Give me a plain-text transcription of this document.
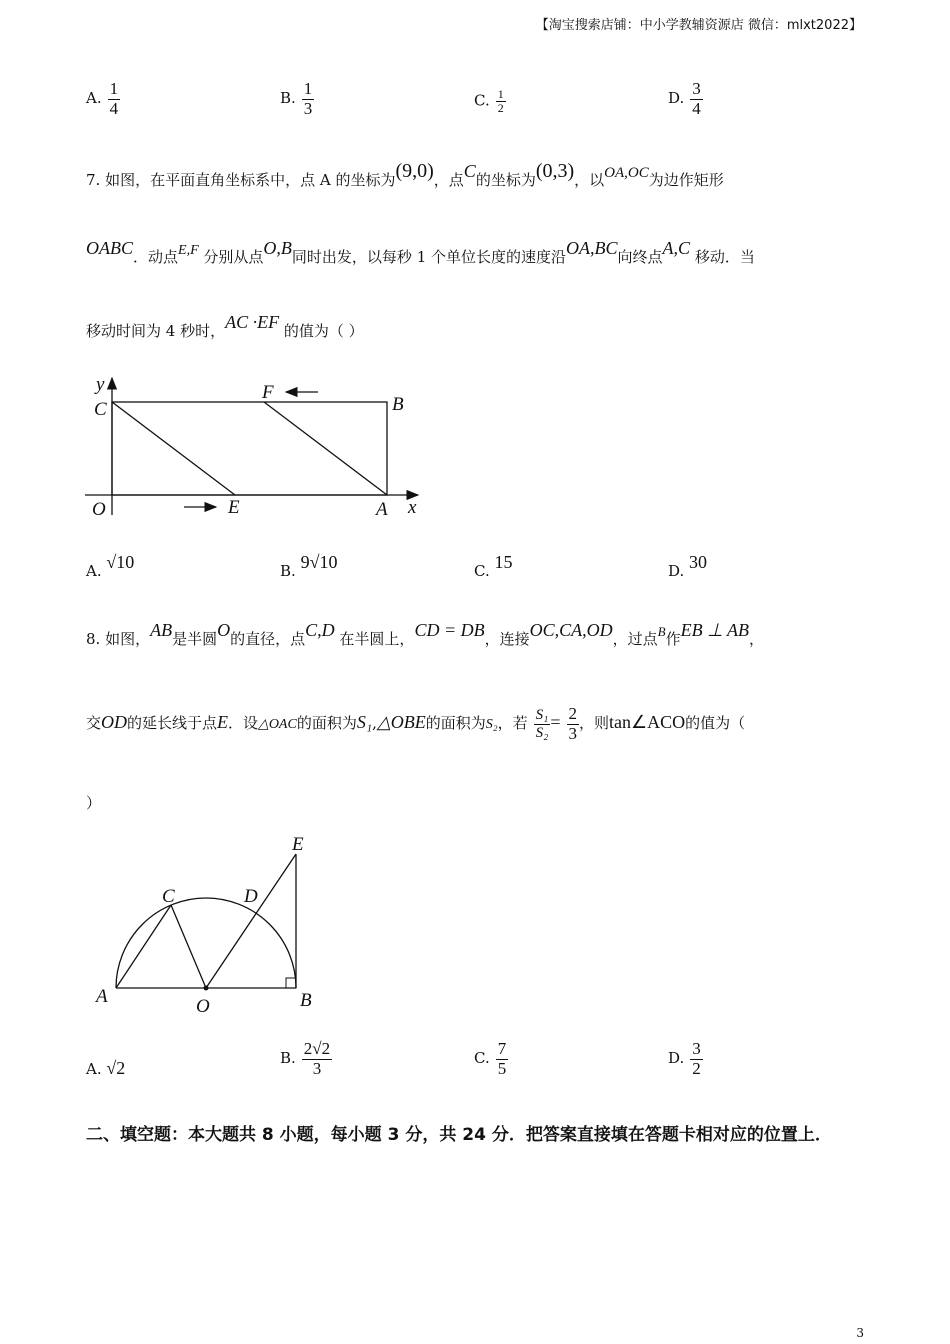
【淘宝搜索店铺：中小学教辅资源店 微信：mlxt2022】
A. $\frac{1}{4}$	B. $\frac{1}{3}$	C. $\frac{1}{2}$	D. $\frac{3}{4}$
7. 如图，在平面直角坐标系中，点 A 的坐标为(9,0)，点C的坐标为(0,3)，以OA,OC为边作矩形
OABC．动点E,F 分别从点O,B同时出发，以每秒 1 个单位长度的速度沿OA,BC向终点A,C 移动．当
移动时间为 4 秒时，AC ·EF 的值为（ ）
y
C
F
B
O	E	A x
A. √10	B. 9√10	C. 15	D. 30
8. 如图，AB是半圆O的直径，点C,D 在半圆上，CD = DB，连接OC,CA,OD，过点B作EB ⊥ AB，
交OD的延长线于点E．设△OAC的面积为S₁,△OBE的面积为S₂，若 $\frac{\text{S₁}}{\text{S₂}} = \frac{2}{3}$ ，则tan∠ACO的值为（
）
E
C	D
A	O	B
A. √2	B. $\frac{2√2}{3}$	C. $\frac{7}{5}$	D. $\frac{3}{2}$
二、填空题：本大题共 8 小题，每小题 3 分，共 24 分．把答案直接填在答题卡相对应的位置上．
3
